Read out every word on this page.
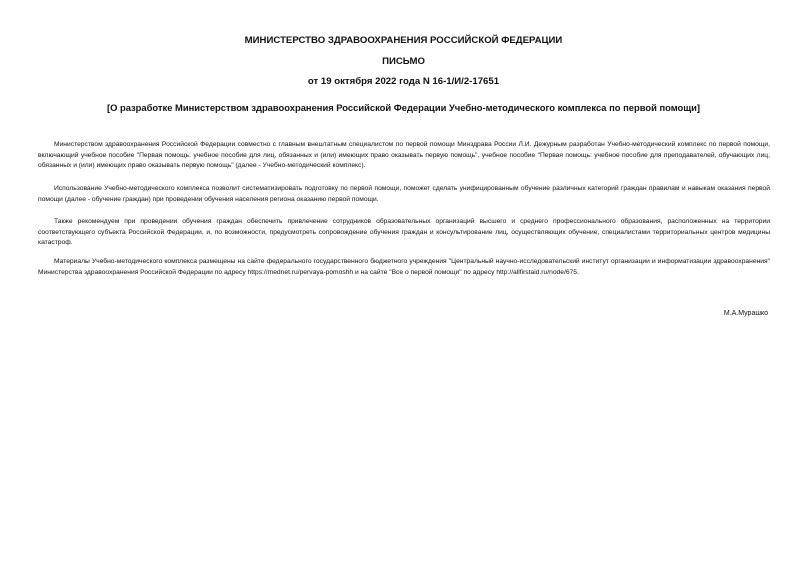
МИНИСТЕРСТВО ЗДРАВООХРАНЕНИЯ РОССИЙСКОЙ ФЕДЕРАЦИИ
ПИСЬМО
от 19 октября 2022 года N 16-1/И/2-17651
[О разработке Министерством здравоохранения Российской Федерации Учебно-методического комплекса по первой помощи]

Министерством здравоохранения Российской Федерации совместно с главным внештатным специалистом по первой помощи Минздрава России Л.И. Дежурным разработан Учебно-методический комплекс по первой помощи, включающий учебное пособие "Первая помощь: учебное пособие для лиц, обязанных и (или) имеющих право оказывать первую помощь", учебное пособие "Первая помощь: учебное пособие для преподавателей, обучающих лиц, обязанных и (или) имеющих право оказывать первую помощь" (далее - Учебно-методический комплекс).

Использование Учебно-методического комплекса позволит систематизировать подготовку по первой помощи, поможет сделать унифицированным обучение различных категорий граждан правилам и навыкам оказания первой помощи (далее - обучение граждан) при проведении обучения населения региона оказанию первой помощи.

Также рекомендуем при проведении обучения граждан обеспечить привлечение сотрудников образовательных организаций высшего и среднего профессионального образования, расположенных на территории соответствующего субъекта Российской Федерации, и, по возможности, предусмотреть сопровождение обучения граждан и консультирование лиц, осуществляющих обучение, специалистами территориальных центров медицины катастроф.

Материалы Учебно-методического комплекса размещены на сайте федерального государственного бюджетного учреждения "Центральный научно-исследовательский институт организации и информатизации здравоохранения" Министерства здравоохранения Российской Федерации по адресу https://mednet.ru/pervaya-pomoshh и на сайте "Все о первой помощи" по адресу http://allfirstaid.ru/node/675.

М.А.Мурашко
